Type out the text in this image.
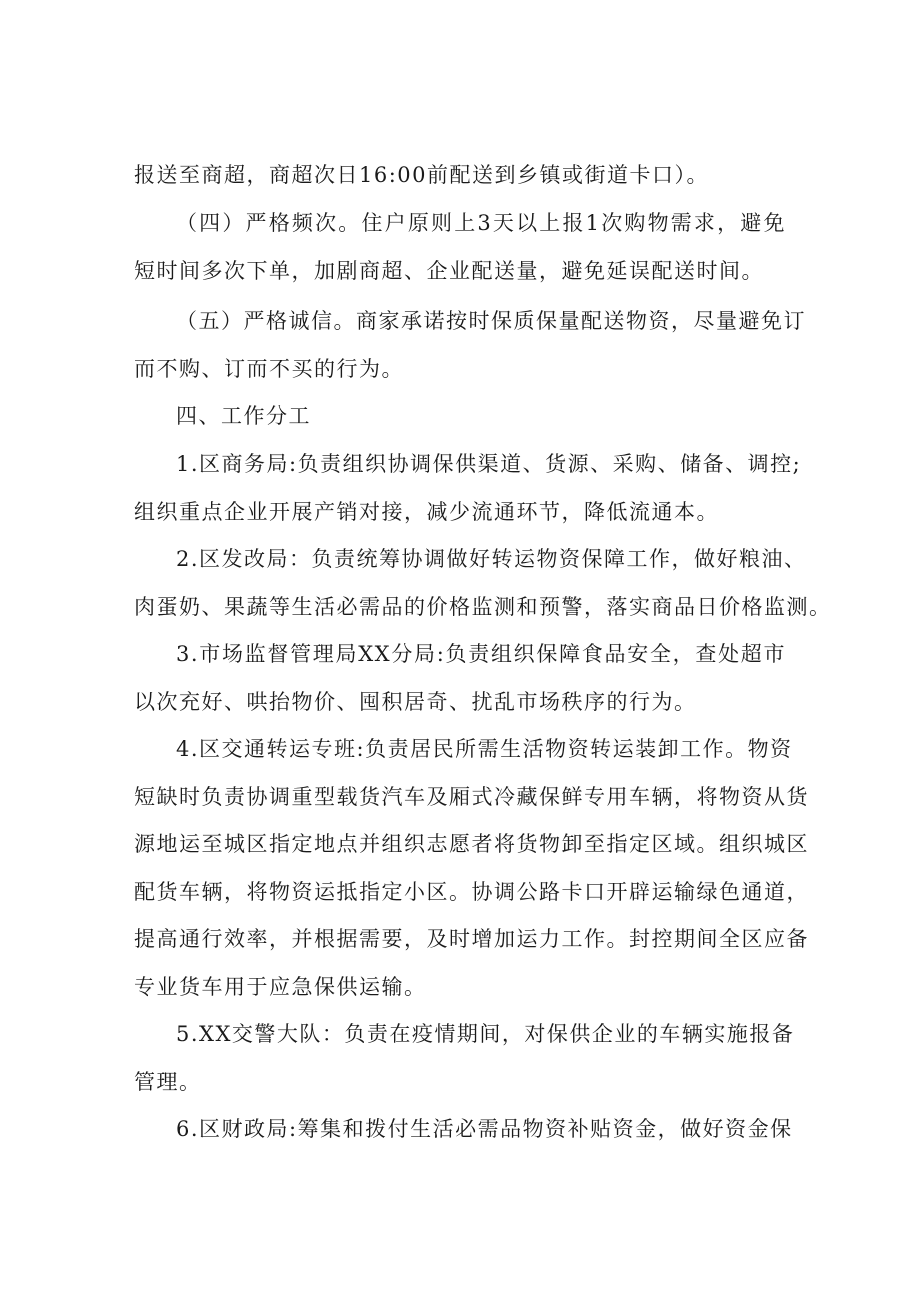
报送至商超，商超次日16:00前配送到乡镇或街道卡口）。
（四）严格频次。住户原则上3天以上报1次购物需求，避免
短时间多次下单，加剧商超、企业配送量，避免延误配送时间。
（五）严格诚信。商家承诺按时保质保量配送物资，尽量避免订
而不购、订而不买的行为。
四、工作分工
1.区商务局:负责组织协调保供渠道、货源、采购、储备、调控;
组织重点企业开展产销对接，减少流通环节，降低流通本。
2.区发改局：负责统筹协调做好转运物资保障工作，做好粮油、
肉蛋奶、果蔬等生活必需品的价格监测和预警，落实商品日价格监测。
3.市场监督管理局XX分局:负责组织保障食品安全，查处超市
以次充好、哄抬物价、囤积居奇、扰乱市场秩序的行为。
4.区交通转运专班:负责居民所需生活物资转运装卸工作。物资
短缺时负责协调重型载货汽车及厢式冷藏保鲜专用车辆，将物资从货
源地运至城区指定地点并组织志愿者将货物卸至指定区域。组织城区
配货车辆，将物资运抵指定小区。协调公路卡口开辟运输绿色通道，
提高通行效率，并根据需要，及时增加运力工作。封控期间全区应备
专业货车用于应急保供运输。
5.XX交警大队：负责在疫情期间，对保供企业的车辆实施报备
管理。
6.区财政局:筹集和拨付生活必需品物资补贴资金，做好资金保
